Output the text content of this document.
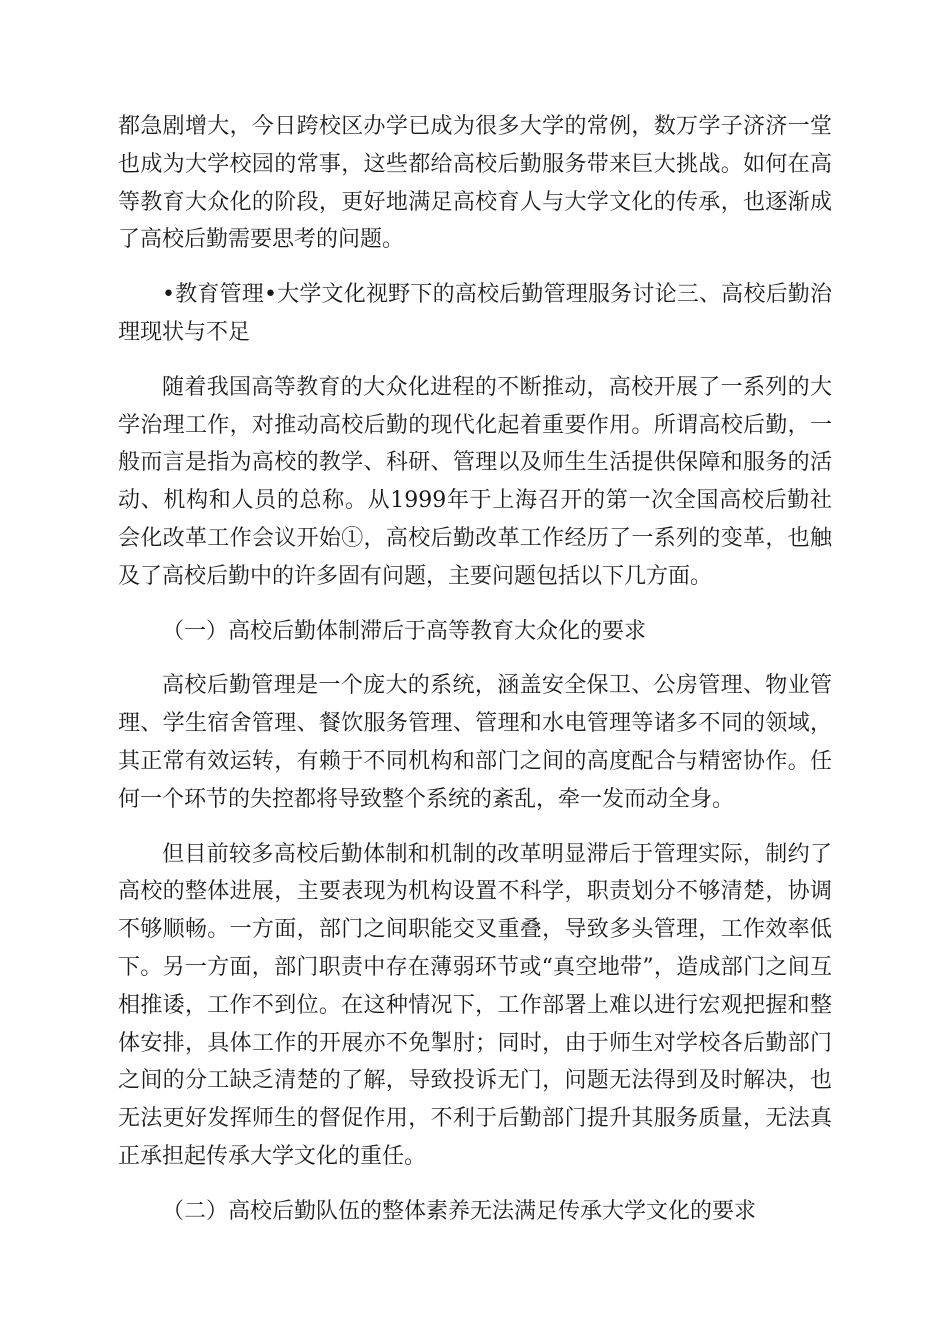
都急剧增大，今日跨校区办学已成为很多大学的常例，数万学子济济一堂也成为大学校园的常事，这些都给高校后勤服务带来巨大挑战。如何在高等教育大众化的阶段，更好地满足高校育人与大学文化的传承，也逐渐成了高校后勤需要思考的问题。

•教育管理•大学文化视野下的高校后勤管理服务讨论三、高校后勤治理现状与不足

随着我国高等教育的大众化进程的不断推动，高校开展了一系列的大学治理工作，对推动高校后勤的现代化起着重要作用。所谓高校后勤，一般而言是指为高校的教学、科研、管理以及师生生活提供保障和服务的活动、机构和人员的总称。从1999年于上海召开的第一次全国高校后勤社会化改革工作会议开始①，高校后勤改革工作经历了一系列的变革，也触及了高校后勤中的许多固有问题，主要问题包括以下几方面。

（一）高校后勤体制滞后于高等教育大众化的要求

高校后勤管理是一个庞大的系统，涵盖安全保卫、公房管理、物业管理、学生宿舍管理、餐饮服务管理、管理和水电管理等诸多不同的领域，其正常有效运转，有赖于不同机构和部门之间的高度配合与精密协作。任何一个环节的失控都将导致整个系统的紊乱，牵一发而动全身。

但目前较多高校后勤体制和机制的改革明显滞后于管理实际，制约了高校的整体进展，主要表现为机构设置不科学，职责划分不够清楚，协调不够顺畅。一方面，部门之间职能交叉重叠，导致多头管理，工作效率低下。另一方面，部门职责中存在薄弱环节或“真空地带”，造成部门之间互相推诿，工作不到位。在这种情况下，工作部署上难以进行宏观把握和整体安排，具体工作的开展亦不免掣肘；同时，由于师生对学校各后勤部门之间的分工缺乏清楚的了解，导致投诉无门，问题无法得到及时解决，也无法更好发挥师生的督促作用，不利于后勤部门提升其服务质量，无法真正承担起传承大学文化的重任。

（二）高校后勤队伍的整体素养无法满足传承大学文化的要求
